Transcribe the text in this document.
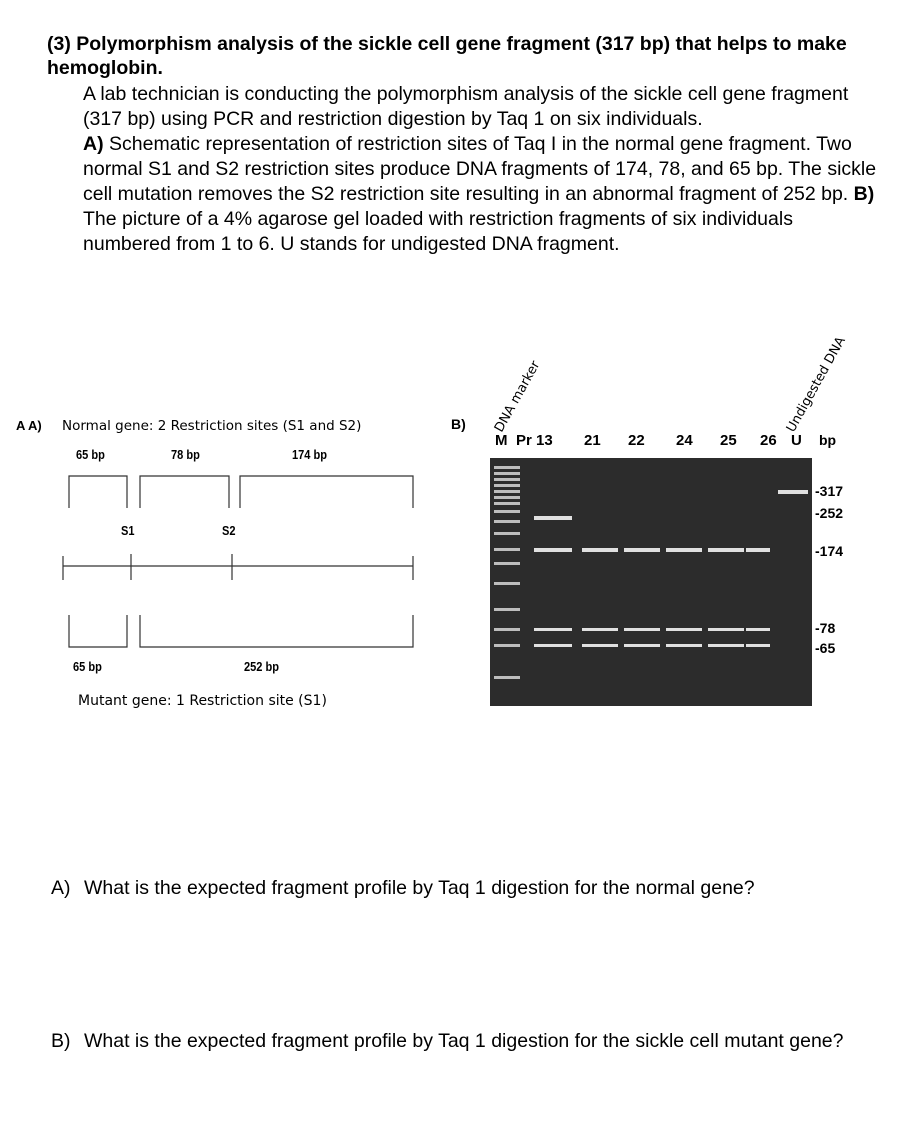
(3) Polymorphism analysis of the sickle cell gene fragment (317 bp) that helps to make hemoglobin.

A lab technician is conducting the polymorphism analysis of the sickle cell gene fragment (317 bp) using PCR and restriction digestion by Taq 1 on six individuals.

A) Schematic representation of restriction sites of Taq I in the normal gene fragment. Two normal S1 and S2 restriction sites produce DNA fragments of 174, 78, and 65 bp. The sickle cell mutation removes the S2 restriction site resulting in an abnormal fragment of 252 bp. B) The picture of a 4% agarose gel loaded with restriction fragments of six individuals numbered from 1 to 6. U stands for undigested DNA fragment.

A A) Normal gene: 2 Restriction sites (S1 and S2)
65 bp	78 bp	174 bp
S1	S2
65 bp	252 bp
Mutant gene: 1 Restriction site (S1)
B) DNA marker	Undigested DNA
M Pr 13 21 22 24 25 26 U bp
-317
-252
-174
-78
-65
A) What is the expected fragment profile by Taq 1 digestion for the normal gene?
B) What is the expected fragment profile by Taq 1 digestion for the sickle cell mutant gene?
